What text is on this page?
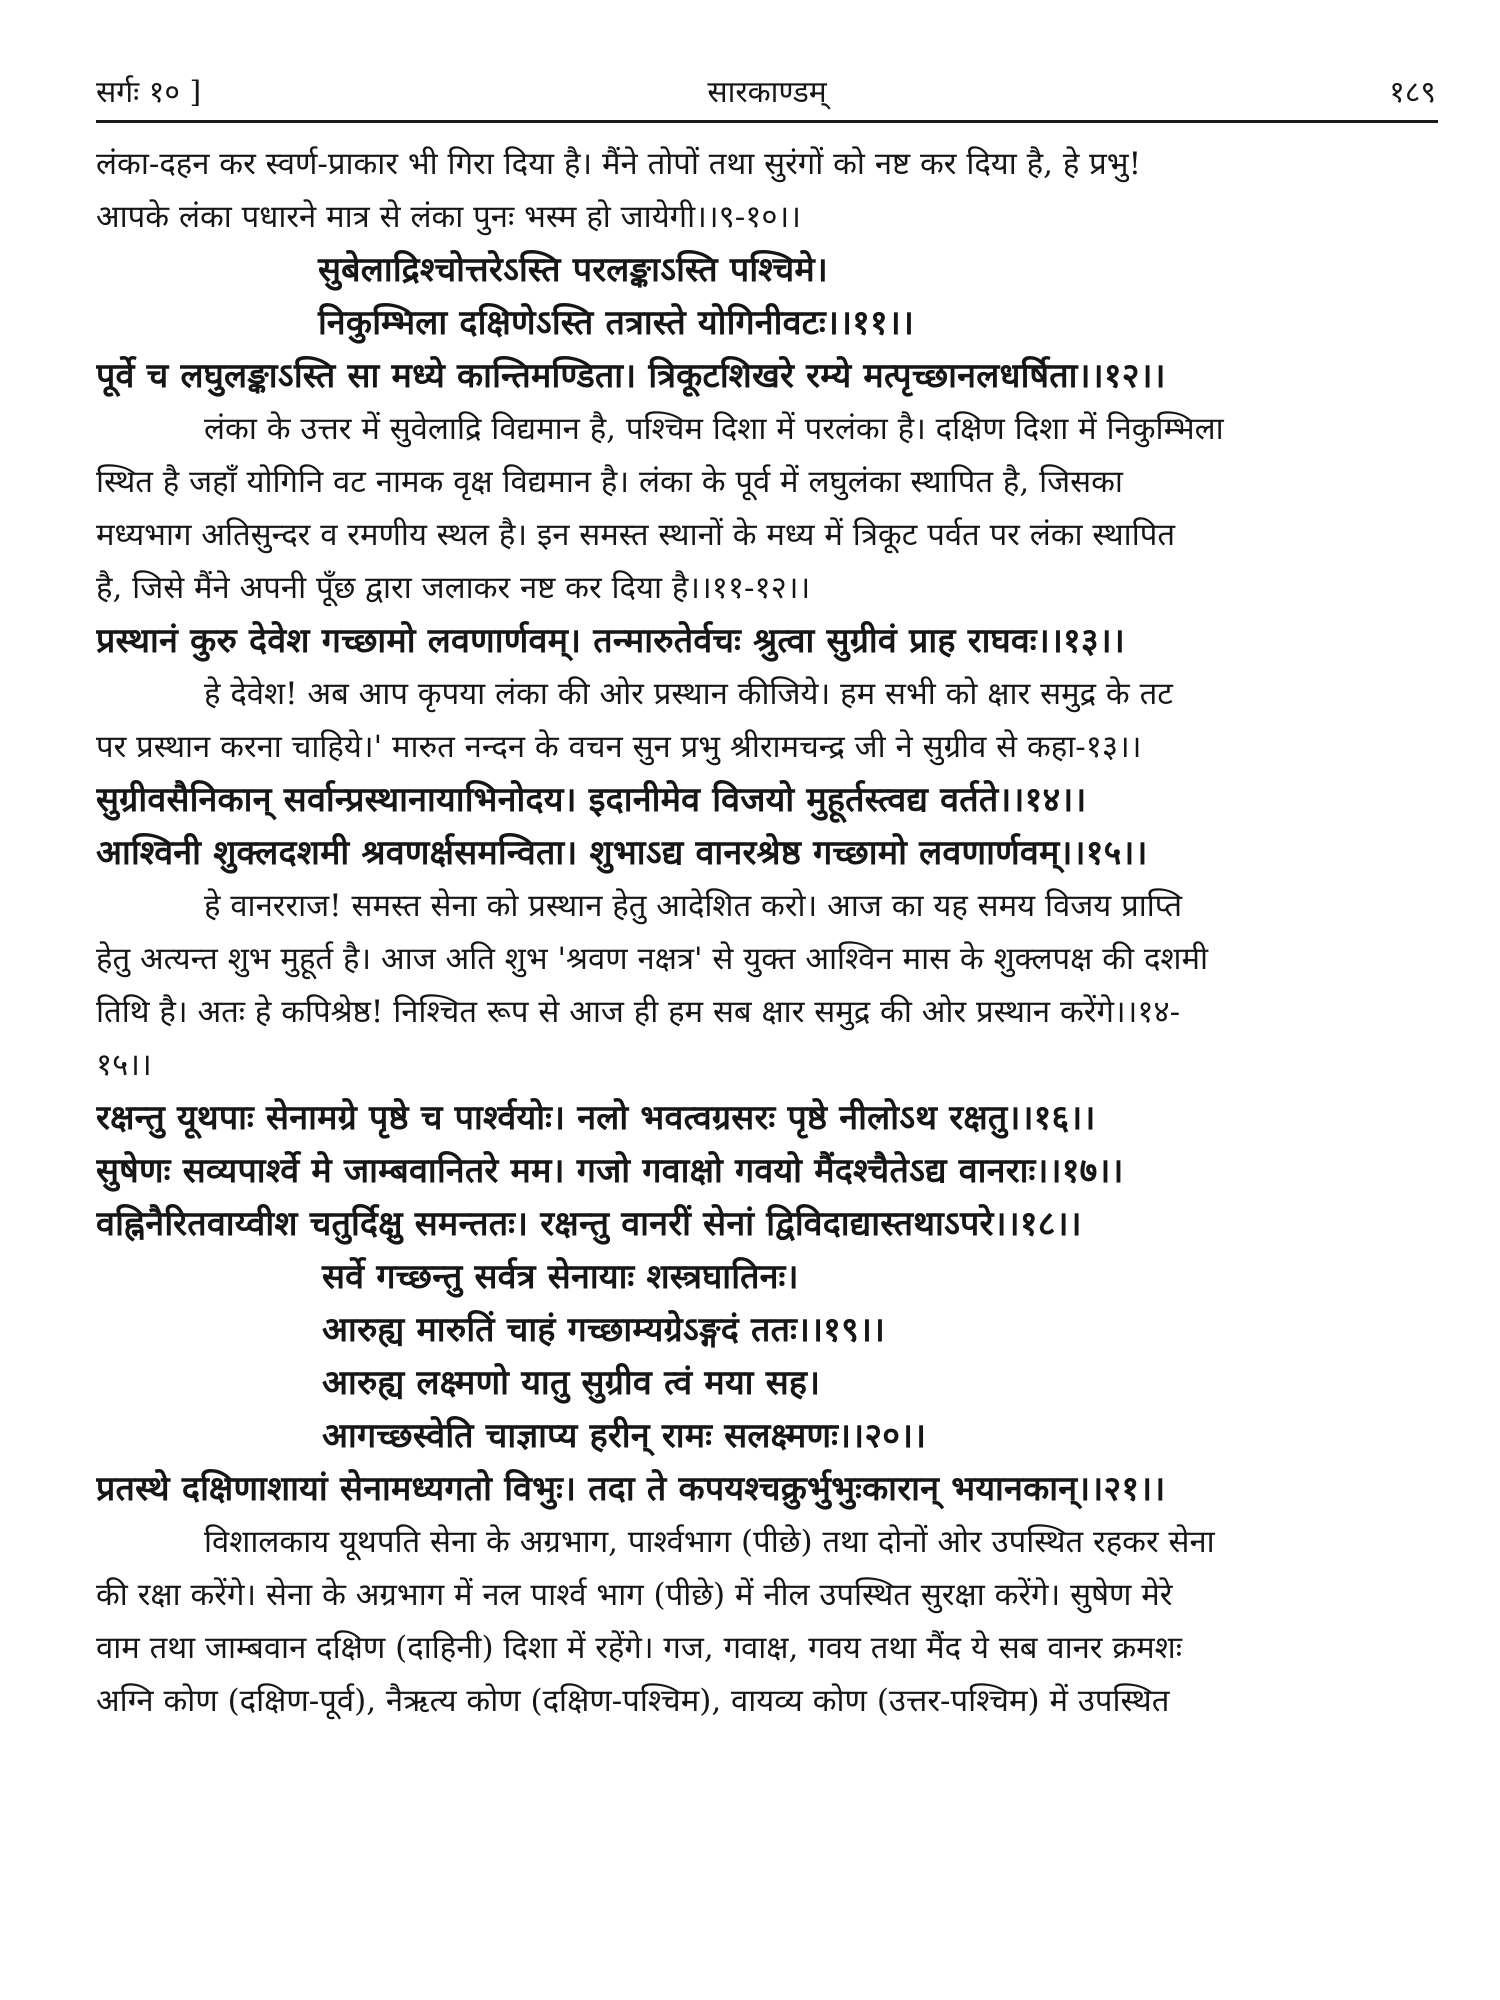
सर्गः १० ]	सारकाण्डम्	१८९
लंका-दहन कर स्वर्ण-प्राकार भी गिरा दिया है। मैंने तोपों तथा सुरंगों को नष्ट कर दिया है, हे प्रभु!
आपके लंका पधारने मात्र से लंका पुनः भस्म हो जायेगी।।९-१०।।
सुबेलाद्रिश्चोत्तरेऽस्ति परलङ्काऽस्ति पश्चिमे।
निकुम्भिला दक्षिणेऽस्ति तत्रास्ते योगिनीवटः।।११।।
पूर्वे च लघुलङ्काऽस्ति सा मध्ये कान्तिमण्डिता। त्रिकूटशिखरे रम्ये मत्पृच्छानलधर्षिता।।१२।।
लंका के उत्तर में सुवेलाद्रि विद्यमान है, पश्चिम दिशा में परलंका है। दक्षिण दिशा में निकुम्भिला
स्थित है जहाँ योगिनि वट नामक वृक्ष विद्यमान है। लंका के पूर्व में लघुलंका स्थापित है, जिसका
मध्यभाग अतिसुन्दर व रमणीय स्थल है। इन समस्त स्थानों के मध्य में त्रिकूट पर्वत पर लंका स्थापित
है, जिसे मैंने अपनी पूँछ द्वारा जलाकर नष्ट कर दिया है।।११-१२।।
प्रस्थानं कुरु देवेश गच्छामो लवणार्णवम्। तन्मारुतेर्वचः श्रुत्वा सुग्रीवं प्राह राघवः।।१३।।
हे देवेश! अब आप कृपया लंका की ओर प्रस्थान कीजिये। हम सभी को क्षार समुद्र के तट
पर प्रस्थान करना चाहिये।' मारुत नन्दन के वचन सुन प्रभु श्रीरामचन्द्र जी ने सुग्रीव से कहा-१३।।
सुग्रीवसैनिकान् सर्वान्प्रस्थानायाभिनोदय। इदानीमेव विजयो मुहूर्तस्त्वद्य वर्तते।।१४।।
आश्विनी शुक्लदशमी श्रवणर्क्षसमन्विता। शुभाऽद्य वानरश्रेष्ठ गच्छामो लवणार्णवम्।।१५।।
हे वानरराज! समस्त सेना को प्रस्थान हेतु आदेशित करो। आज का यह समय विजय प्राप्ति
हेतु अत्यन्त शुभ मुहूर्त है। आज अति शुभ 'श्रवण नक्षत्र' से युक्त आश्विन मास के शुक्लपक्ष की दशमी
तिथि है। अतः हे कपिश्रेष्ठ! निश्चित रूप से आज ही हम सब क्षार समुद्र की ओर प्रस्थान करेंगे।।१४-
१५।।
रक्षन्तु यूथपाः सेनामग्रे पृष्ठे च पार्श्वयोः। नलो भवत्वग्रसरः पृष्ठे नीलोऽथ रक्षतु।।१६।।
सुषेणः सव्यपार्श्वे मे जाम्बवानितरे मम। गजो गवाक्षो गवयो मैंदश्चैतेऽद्य वानराः।।१७।।
वह्निनैरितवाय्वीश चतुर्दिक्षु समन्ततः। रक्षन्तु वानरीं सेनां द्विविदाद्यास्तथाऽपरे।।१८।।
सर्वे गच्छन्तु सर्वत्र सेनायाः शस्त्रघातिनः।
आरुह्य मारुतिं चाहं गच्छाम्यग्रेऽङ्गदं ततः।।१९।।
आरुह्य लक्ष्मणो यातु सुग्रीव त्वं मया सह।
आगच्छस्वेति चाज्ञाप्य हरीन् रामः सलक्ष्मणः।।२०।।
प्रतस्थे दक्षिणाशायां सेनामध्यगतो विभुः। तदा ते कपयश्चक्रुर्भुभुःकारान् भयानकान्।।२१।।
विशालकाय यूथपति सेना के अग्रभाग, पार्श्वभाग (पीछे) तथा दोनों ओर उपस्थित रहकर सेना
की रक्षा करेंगे। सेना के अग्रभाग में नल पार्श्व भाग (पीछे) में नील उपस्थित सुरक्षा करेंगे। सुषेण मेरे
वाम तथा जाम्बवान दक्षिण (दाहिनी) दिशा में रहेंगे। गज, गवाक्ष, गवय तथा मैंद ये सब वानर क्रमशः
अग्नि कोण (दक्षिण-पूर्व), नैऋत्य कोण (दक्षिण-पश्चिम), वायव्य कोण (उत्तर-पश्चिम) में उपस्थित
